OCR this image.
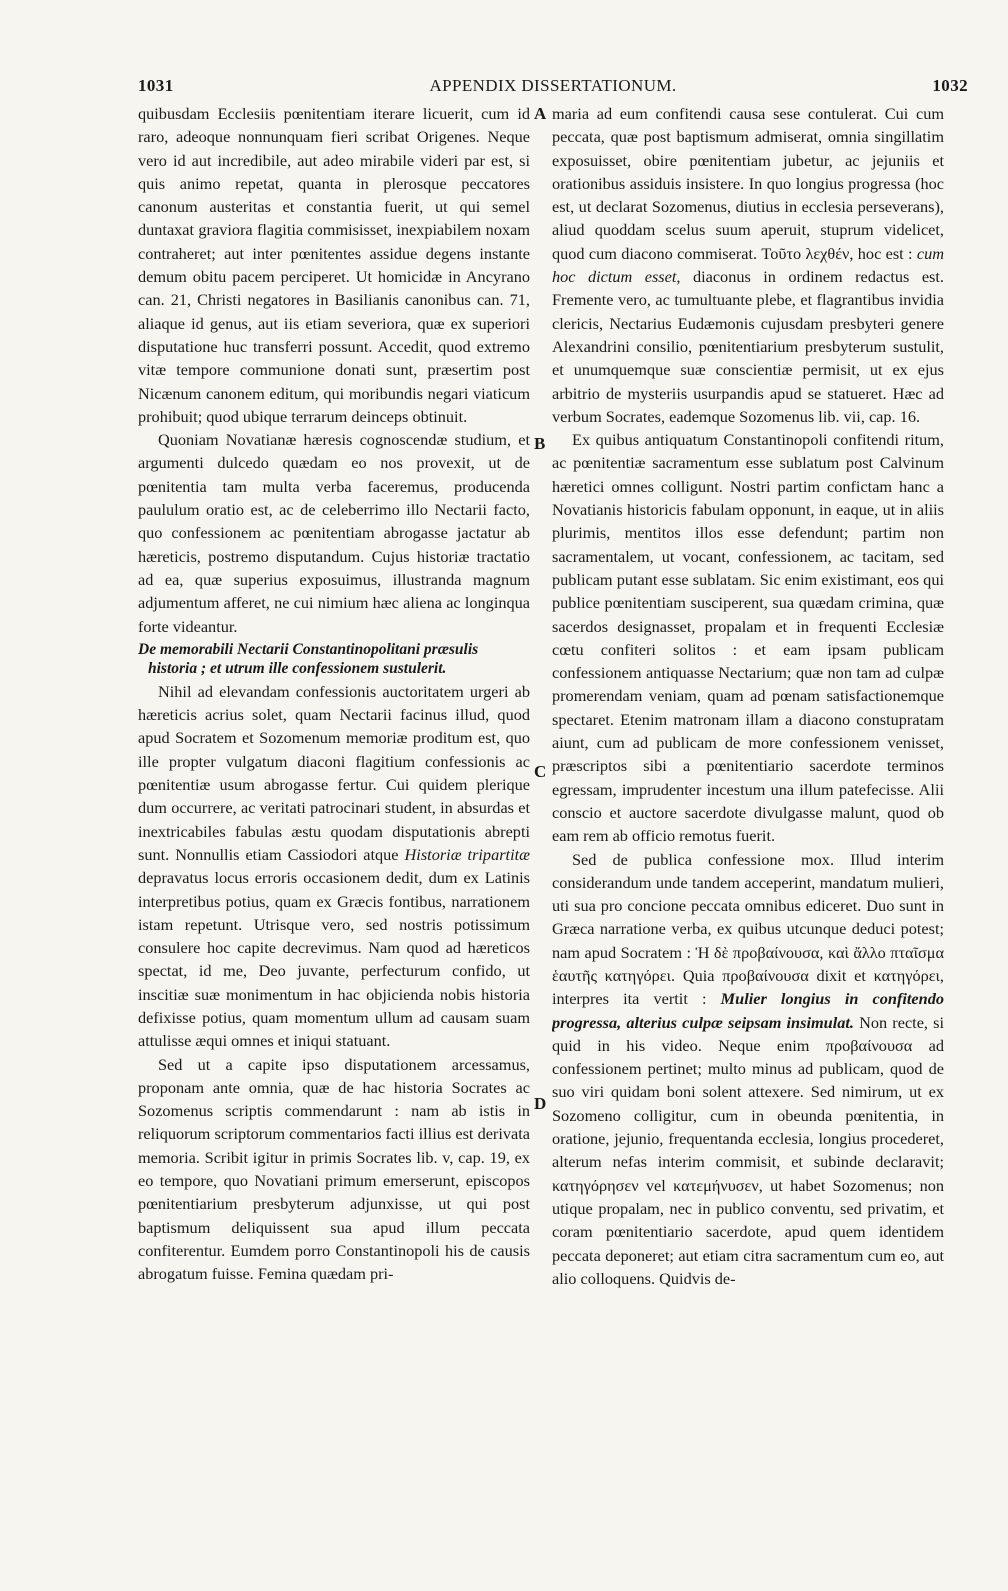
1031	APPENDIX DISSERTATIONUM.	1032
A
B
C
D

quibusdam Ecclesiis pœnitentiam iterare licuerit, cum id raro, adeoque nonnunquam fieri scribat Origenes. Neque vero id aut incredibile, aut adeo mirabile videri par est, si quis animo repetat, quanta in plerosque peccatores canonum austeritas et constantia fuerit, ut qui semel duntaxat graviora flagitia commisisset, inexpiabilem noxam contraheret; aut inter pœnitentes assidue degens instante demum obitu pacem perciperet. Ut homicidæ in Ancyrano can. 21, Christi negatores in Basilianis canonibus can. 71, aliaque id genus, aut iis etiam severiora, quæ ex superiori disputatione huc transferri possunt. Accedit, quod extremo vitæ tempore communione donati sunt, præsertim post Nicænum canonem editum, qui moribundis negari viaticum prohibuit; quod ubique terrarum deinceps obtinuit.

Quoniam Novatianæ hæresis cognoscendæ studium, et argumenti dulcedo quædam eo nos provexit, ut de pœnitentia tam multa verba faceremus, producenda paululum oratio est, ac de celeberrimo illo Nectarii facto, quo confessionem ac pœnitentiam abrogasse jactatur ab hæreticis, postremo disputandum. Cujus historiæ tractatio ad ea, quæ superius exposuimus, illustranda magnum adjumentum afferet, ne cui nimium hæc aliena ac longinqua forte videantur.

De memorabili Nectarii Constantinopolitani præsulis
historia ; et utrum ille confessionem sustulerit.

Nihil ad elevandam confessionis auctoritatem urgeri ab hæreticis acrius solet, quam Nectarii facinus illud, quod apud Socratem et Sozomenum memoriæ proditum est, quo ille propter vulgatum diaconi flagitium confessionis ac pœnitentiæ usum abrogasse fertur. Cui quidem plerique dum occurrere, ac veritati patrocinari student, in absurdas et inextricabiles fabulas æstu quodam disputationis abrepti sunt. Nonnullis etiam Cassiodori atque Historiæ tripartitæ depravatus locus erroris occasionem dedit, dum ex Latinis interpretibus potius, quam ex Græcis fontibus, narrationem istam repetunt. Utrisque vero, sed nostris potissimum consulere hoc capite decrevimus. Nam quod ad hæreticos spectat, id me, Deo juvante, perfecturum confido, ut inscitiæ suæ monimentum in hac objicienda nobis historia defixisse potius, quam momentum ullum ad causam suam attulisse æqui omnes et iniqui statuant.

Sed ut a capite ipso disputationem arcessamus, proponam ante omnia, quæ de hac historia Socrates ac Sozomenus scriptis commendarunt : nam ab istis in reliquorum scriptorum commentarios facti illius est derivata memoria. Scribit igitur in primis Socrates lib. v, cap. 19, ex eo tempore, quo Novatiani primum emerserunt, episcopos pœnitentiarium presbyterum adjunxisse, ut qui post baptismum deliquissent sua apud illum peccata confiterentur. Eumdem porro Constantinopoli his de causis abrogatum fuisse. Femina quædam pri-

maria ad eum confitendi causa sese contulerat. Cui cum peccata, quæ post baptismum admiserat, omnia singillatim exposuisset, obire pœnitentiam jubetur, ac jejuniis et orationibus assiduis insistere. In quo longius progressa (hoc est, ut declarat Sozomenus, diutius in ecclesia perseverans), aliud quoddam scelus suum aperuit, stuprum videlicet, quod cum diacono commiserat. Τοῦτο λεχθέν, hoc est : cum hoc dictum esset, diaconus in ordinem redactus est. Fremente vero, ac tumultuante plebe, et flagrantibus invidia clericis, Nectarius Eudæmonis cujusdam presbyteri genere Alexandrini consilio, pœnitentiarium presbyterum sustulit, et unumquemque suæ conscientiæ permisit, ut ex ejus arbitrio de mysteriis usurpandis apud se statueret. Hæc ad verbum Socrates, eademque Sozomenus lib. vii, cap. 16.

Ex quibus antiquatum Constantinopoli confitendi ritum, ac pœnitentiæ sacramentum esse sublatum post Calvinum hæretici omnes colligunt. Nostri partim confictam hanc a Novatianis historicis fabulam opponunt, in eaque, ut in aliis plurimis, mentitos illos esse defendunt; partim non sacramentalem, ut vocant, confessionem, ac tacitam, sed publicam putant esse sublatam. Sic enim existimant, eos qui publice pœnitentiam susciperent, sua quædam crimina, quæ sacerdos designasset, propalam et in frequenti Ecclesiæ cœtu confiteri solitos : et eam ipsam publicam confessionem antiquasse Nectarium; quæ non tam ad culpæ promerendam veniam, quam ad pœnam satisfactionemque spectaret. Etenim matronam illam a diacono constupratam aiunt, cum ad publicam de more confessionem venisset, præscriptos sibi a pœnitentiario sacerdote terminos egressam, imprudenter incestum una illum patefecisse. Alii conscio et auctore sacerdote divulgasse malunt, quod ob eam rem ab officio remotus fuerit.

Sed de publica confessione mox. Illud interim considerandum unde tandem acceperint, mandatum mulieri, uti sua pro concione peccata omnibus ediceret. Duo sunt in Græca narratione verba, ex quibus utcunque deduci potest; nam apud Socratem : Ἡ δὲ προβαίνουσα, καὶ ἄλλο πταῖσμα ἑαυτῆς κατηγόρει. Quia προβαίνουσα dixit et κατηγόρει, interpres ita vertit : Mulier longius in confitendo progressa, alterius culpæ seipsam insimulat. Non recte, si quid in his video. Neque enim προβαίνουσα ad confessionem pertinet; multo minus ad publicam, quod de suo viri quidam boni solent attexere. Sed nimirum, ut ex Sozomeno colligitur, cum in obeunda pœnitentia, in oratione, jejunio, frequentanda ecclesia, longius procederet, alterum nefas interim commisit, et subinde declaravit; κατηγόρησεν vel κατεμήνυσεν, ut habet Sozomenus; non utique propalam, nec in publico conventu, sed privatim, et coram pœnitentiario sacerdote, apud quem identidem peccata deponeret; aut etiam citra sacramentum cum eo, aut alio colloquens. Quidvis de-
